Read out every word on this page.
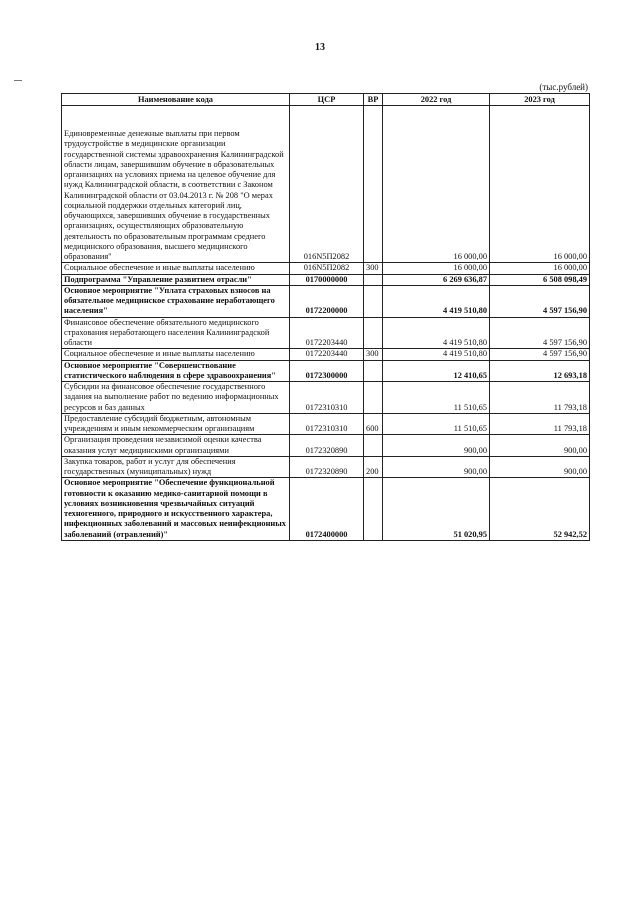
13
(тыс.рублей)
Наименование кода	ЦСР	ВР	2022 год	2023 год
Единовременные денежные выплаты при первом трудоустройстве в медицинские организации государственной системы здравоохранения Калининградской области лицам, завершившим обучение в образовательных организациях на условиях приема на целевое обучение для нужд Калининградской области, в соответствии с Законом Калининградской области от 03.04.2013 г. № 208 "О мерах социальной поддержки отдельных категорий лиц, обучающихся, завершивших обучение в государственных организациях, осуществляющих образовательную деятельность по образовательным программам среднего медицинского образования, высшего медицинского образования"	016N5П2082		16 000,00	16 000,00
Социальное обеспечение и иные выплаты населению	016N5П2082	300	16 000,00	16 000,00
Подпрограмма "Управление развитием отрасли"	0170000000		6 269 636,87	6 508 098,49
Основное мероприятие "Уплата страховых взносов на обязательное медицинское страхование неработающего населения"	0172200000		4 419 510,80	4 597 156,90
Финансовое обеспечение обязательного медицинского страхования неработающего населения Калининградской области	0172203440		4 419 510,80	4 597 156,90
Социальное обеспечение и иные выплаты населению	0172203440	300	4 419 510,80	4 597 156,90
Основное мероприятие "Совершенствование статистического наблюдения в сфере здравоохранения"	0172300000		12 410,65	12 693,18
Субсидии на финансовое обеспечение государственного задания на выполнение работ по ведению информационных ресурсов и баз данных	0172310310		11 510,65	11 793,18
Предоставление субсидий бюджетным, автономным учреждениям и иным некоммерческим организациям	0172310310	600	11 510,65	11 793,18
Организация проведения независимой оценки качества оказания услуг медицинскими организациями	0172320890		900,00	900,00
Закупка товаров, работ и услуг для обеспечения государственных (муниципальных) нужд	0172320890	200	900,00	900,00
Основное мероприятие "Обеспечение функциональной готовности к оказанию медико-санитарной помощи в условиях возникновения чрезвычайных ситуаций техногенного, природного и искусственного характера, инфекционных заболеваний и массовых неинфекционных заболеваний (отравлений)"	0172400000		51 020,95	52 942,52
